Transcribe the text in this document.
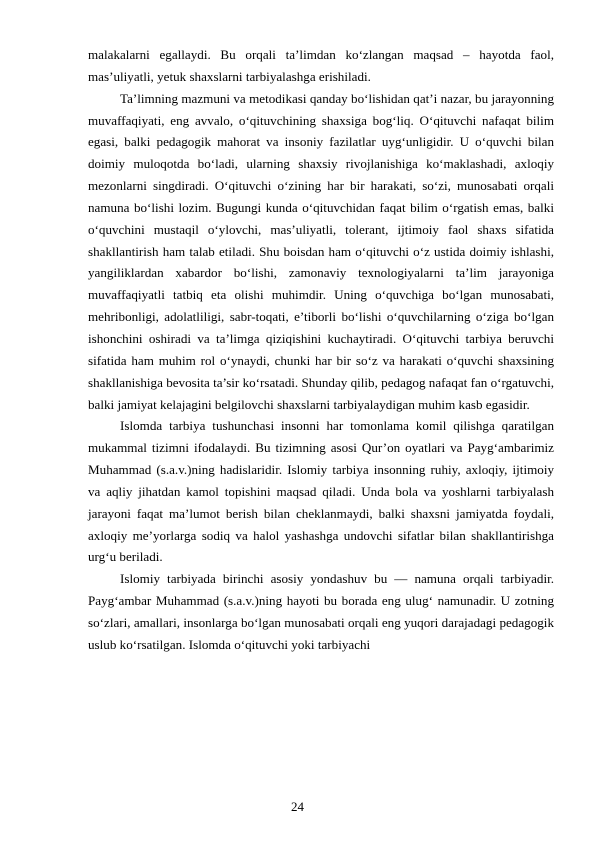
malakalarni egallaydi. Bu orqali ta’limdan ko‘zlangan maqsad – hayotda faol, mas’uliyatli, yetuk shaxslarni tarbiyalashga erishiladi.

Ta’limning mazmuni va metodikasi qanday bo‘lishidan qat’i nazar, bu jarayonning muvaffaqiyati, eng avvalo, o‘qituvchining shaxsiga bog‘liq. O‘qituvchi nafaqat bilim egasi, balki pedagogik mahorat va insoniy fazilatlar uyg‘unligidir. U o‘quvchi bilan doimiy muloqotda bo‘ladi, ularning shaxsiy rivojlanishiga ko‘maklashadi, axloqiy mezonlarni singdiradi. O‘qituvchi o‘zining har bir harakati, so‘zi, munosabati orqali namuna bo‘lishi lozim. Bugungi kunda o‘qituvchidan faqat bilim o‘rgatish emas, balki o‘quvchini mustaqil o‘ylovchi, mas’uliyatli, tolerant, ijtimoiy faol shaxs sifatida shakllantirish ham talab etiladi. Shu boisdan ham o‘qituvchi o‘z ustida doimiy ishlashi, yangiliklardan xabardor bo‘lishi, zamonaviy texnologiyalarni ta’lim jarayoniga muvaffaqiyatli tatbiq eta olishi muhimdir. Uning o‘quvchiga bo‘lgan munosabati, mehribonligi, adolatliligi, sabr-toqati, e’tiborli bo‘lishi o‘quvchilarning o‘ziga bo‘lgan ishonchini oshiradi va ta’limga qiziqishini kuchaytiradi. O‘qituvchi tarbiya beruvchi sifatida ham muhim rol o‘ynaydi, chunki har bir so‘z va harakati o‘quvchi shaxsining shakllanishiga bevosita ta’sir ko‘rsatadi. Shunday qilib, pedagog nafaqat fan o‘rgatuvchi, balki jamiyat kelajagini belgilovchi shaxslarni tarbiyalaydigan muhim kasb egasidir.

Islomda tarbiya tushunchasi insonni har tomonlama komil qilishga qaratilgan mukammal tizimni ifodalaydi. Bu tizimning asosi Qur’on oyatlari va Payg‘ambarimiz Muhammad (s.a.v.)ning hadislaridir. Islomiy tarbiya insonning ruhiy, axloqiy, ijtimoiy va aqliy jihatdan kamol topishini maqsad qiladi. Unda bola va yoshlarni tarbiyalash jarayoni faqat ma’lumot berish bilan cheklanmaydi, balki shaxsni jamiyatda foydali, axloqiy me’yorlarga sodiq va halol yashashga undovchi sifatlar bilan shakllantirishga urg‘u beriladi.

Islomiy tarbiyada birinchi asosiy yondashuv bu — namuna orqali tarbiyadir. Payg‘ambar Muhammad (s.a.v.)ning hayoti bu borada eng ulug‘ namunadir. U zotning so‘zlari, amallari, insonlarga bo‘lgan munosabati orqali eng yuqori darajadagi pedagogik uslub ko‘rsatilgan. Islomda o‘qituvchi yoki tarbiyachi

24
